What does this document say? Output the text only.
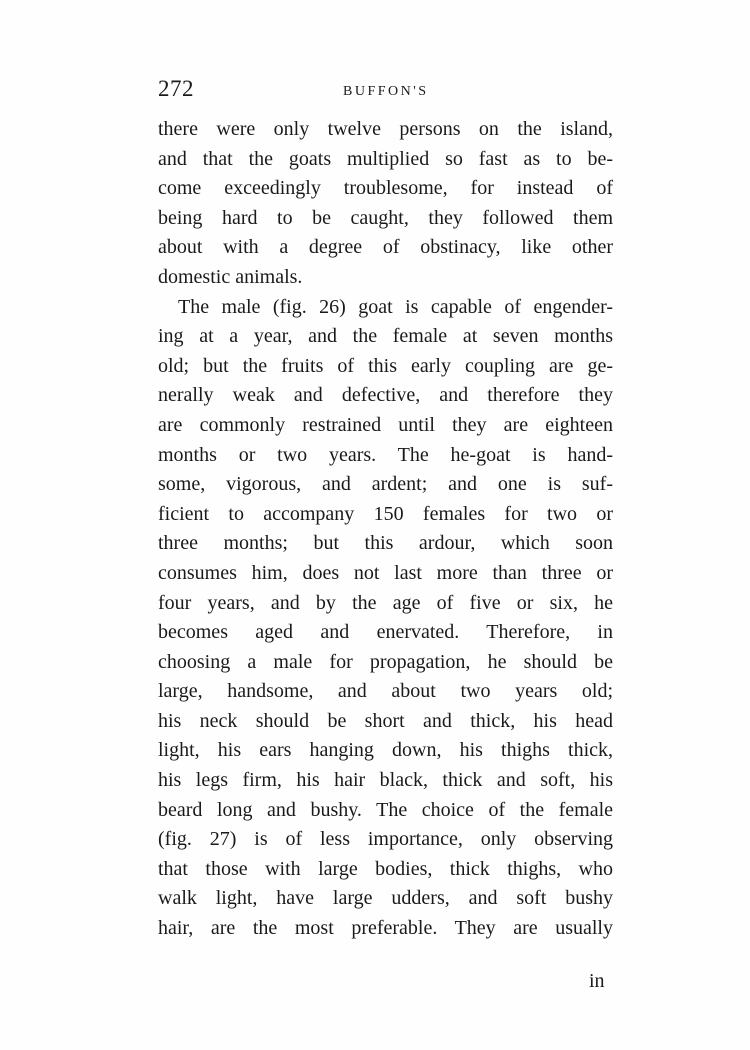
272	BUFFON'S
there were only twelve persons on the island,
and that the goats multiplied so fast as to be-
come exceedingly troublesome, for instead of
being hard to be caught, they followed them
about with a degree of obstinacy, like other
domestic animals.
The male (fig. 26) goat is capable of engender-
ing at a year, and the female at seven months
old; but the fruits of this early coupling are ge-
nerally weak and defective, and therefore they
are commonly restrained until they are eighteen
months or two years. The he-goat is hand-
some, vigorous, and ardent; and one is suf-
ficient to accompany 150 females for two or
three months; but this ardour, which soon
consumes him, does not last more than three or
four years, and by the age of five or six, he
becomes aged and enervated. Therefore, in
choosing a male for propagation, he should be
large, handsome, and about two years old;
his neck should be short and thick, his head
light, his ears hanging down, his thighs thick,
his legs firm, his hair black, thick and soft, his
beard long and bushy. The choice of the female
(fig. 27) is of less importance, only observing
that those with large bodies, thick thighs, who
walk light, have large udders, and soft bushy
hair, are the most preferable. They are usually
in
